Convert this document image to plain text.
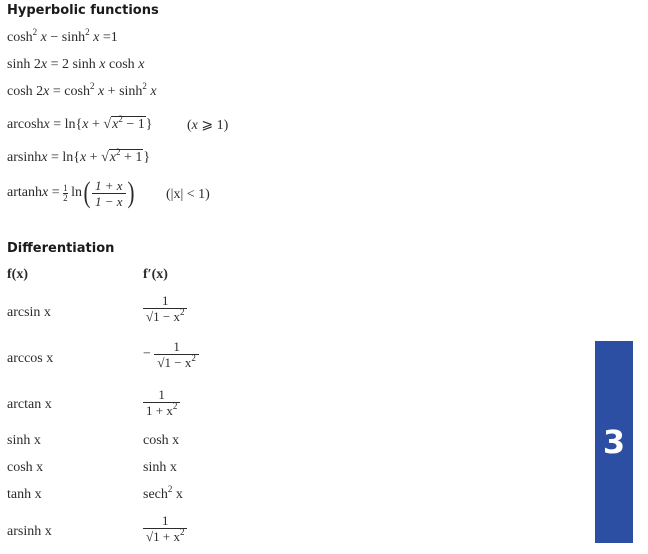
Hyperbolic functions
$\cosh^2 x - \sinh^2 x =1$
sinh 2x = 2 sinh x cosh x
$\cosh 2x = \cosh^2 x + \sinh^2 x$
$arcoshx = \ln\{x + √x^2 - 1\}$ (x ⩾ 1)
$arsinhx = \ln\{x + √x^2 + 1\}$
$artanhx = \frac{1}{2} \ln( \frac{1 + x}{1 - x}$ ) (|x| < 1)
Differentiation
f(x)	f′(x)
arcsin x	$\frac{1}{√1 - x^2}$
arccos x	− $\frac{1}{√1 - x^2}$
arctan x	$\frac{1}{1 + x^2}$
sinh x	cosh x
cosh x	sinh x
tanh x	sech$^2$ x
arsinh x	$\frac{1}{√1 + x^2}$
3
